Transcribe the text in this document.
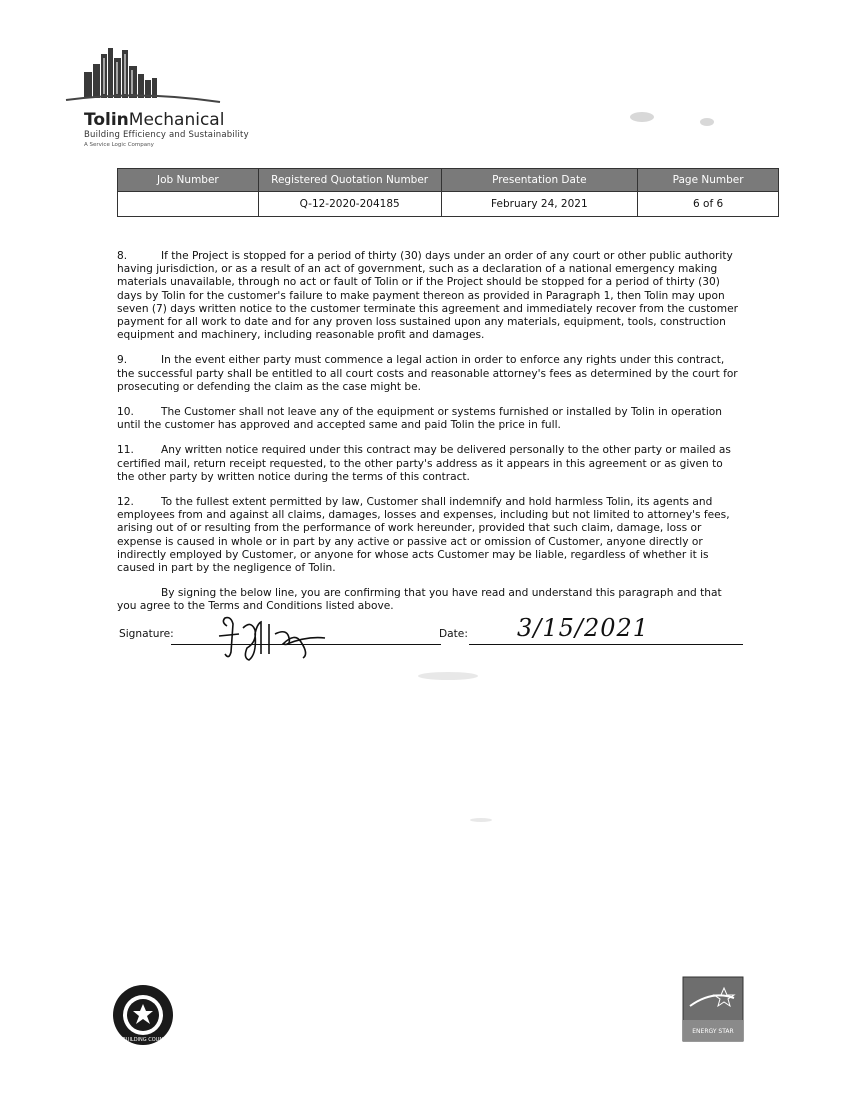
TolinMechanical
Building Efficiency and Sustainability
A Service Logic Company
Job Number	Registered Quotation Number	Presentation Date	Page Number
	Q-12-2020-204185	February 24, 2021	6 of 6

8.	If the Project is stopped for a period of thirty (30) days under an order of any court or other public authority having jurisdiction, or as a result of an act of government, such as a declaration of a national emergency making materials unavailable, through no act or fault of Tolin or if the Project should be stopped for a period of thirty (30) days by Tolin for the customer's failure to make payment thereon as provided in Paragraph 1, then Tolin may upon seven (7) days written notice to the customer terminate this agreement and immediately recover from the customer payment for all work to date and for any proven loss sustained upon any materials, equipment, tools, construction equipment and machinery, including reasonable profit and damages.

9.	In the event either party must commence a legal action in order to enforce any rights under this contract, the successful party shall be entitled to all court costs and reasonable attorney's fees as determined by the court for prosecuting or defending the claim as the case might be.

10.	The Customer shall not leave any of the equipment or systems furnished or installed by Tolin in operation until the customer has approved and accepted same and paid Tolin the price in full.

11.	Any written notice required under this contract may be delivered personally to the other party or mailed as certified mail, return receipt requested, to the other party's address as it appears in this agreement or as given to the other party by written notice during the terms of this contract.

12.	To the fullest extent permitted by law, Customer shall indemnify and hold harmless Tolin, its agents and employees from and against all claims, damages, losses and expenses, including but not limited to attorney's fees, arising out of or resulting from the performance of work hereunder, provided that such claim, damage, loss or expense is caused in whole or in part by any active or passive act or omission of Customer, anyone directly or indirectly employed by Customer, or anyone for whose acts Customer may be liable, regardless of whether it is caused in part by the negligence of Tolin.

By signing the below line, you are confirming that you have read and understand this paragraph and that you agree to the Terms and Conditions listed above.

Signature:	Date: 3/15/2021
U.S. GREEN BUILDING COUNCIL MEMBER
ENERGY STAR
